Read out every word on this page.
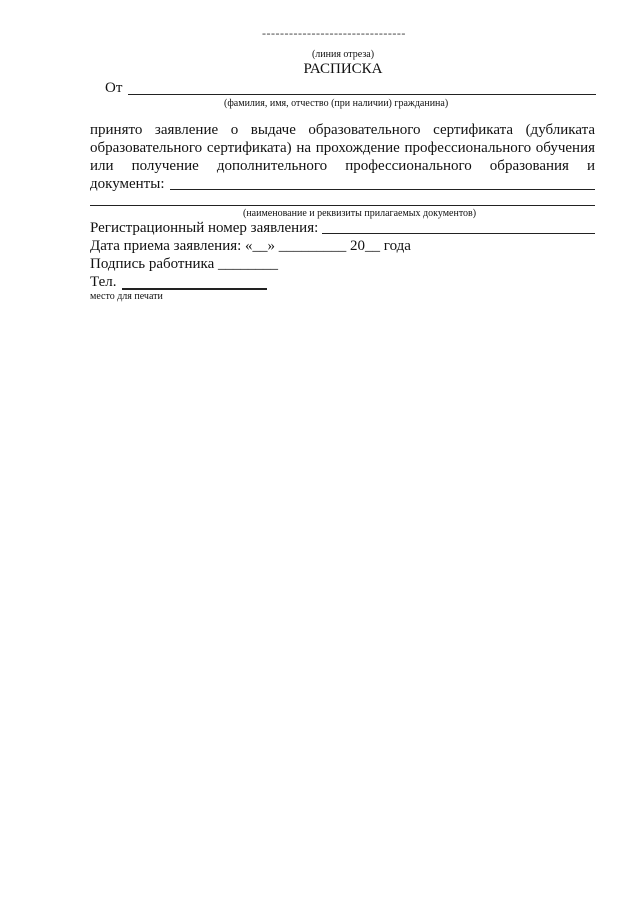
--------------------------------
(линия отреза)
РАСПИСКА
От
(фамилия, имя, отчество (при наличии) гражданина)
принято заявление о выдаче образовательного сертификата (дубликата образовательного сертификата) на прохождение профессионального обучения или получение дополнительного профессионального образования и документы:
(наименование и реквизиты прилагаемых документов)
Регистрационный номер заявления:
Дата приема заявления: «__» _________ 20__ года
Подпись работника ________
Тел.
место для печати
